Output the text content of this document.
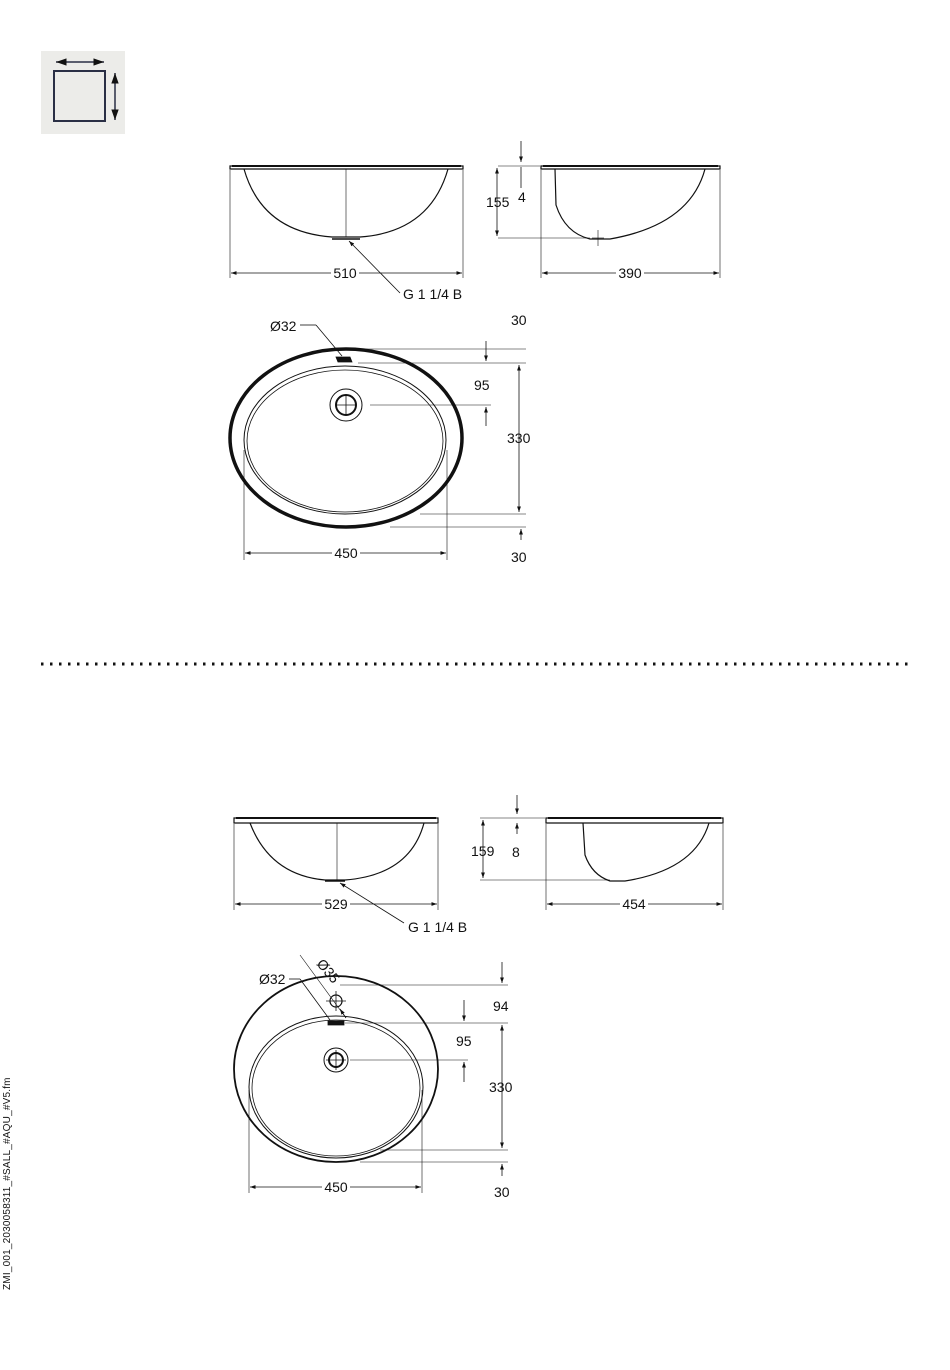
510
G 1 1/4 B
155 4
390
Ø32	30
95
330
450	30
529
G 1 1/4 B
159 8
454
Ø35
Ø32
94
95
330
450	30
ZMI_001_2030058311_#SALL_#AQU_#V5.fm
